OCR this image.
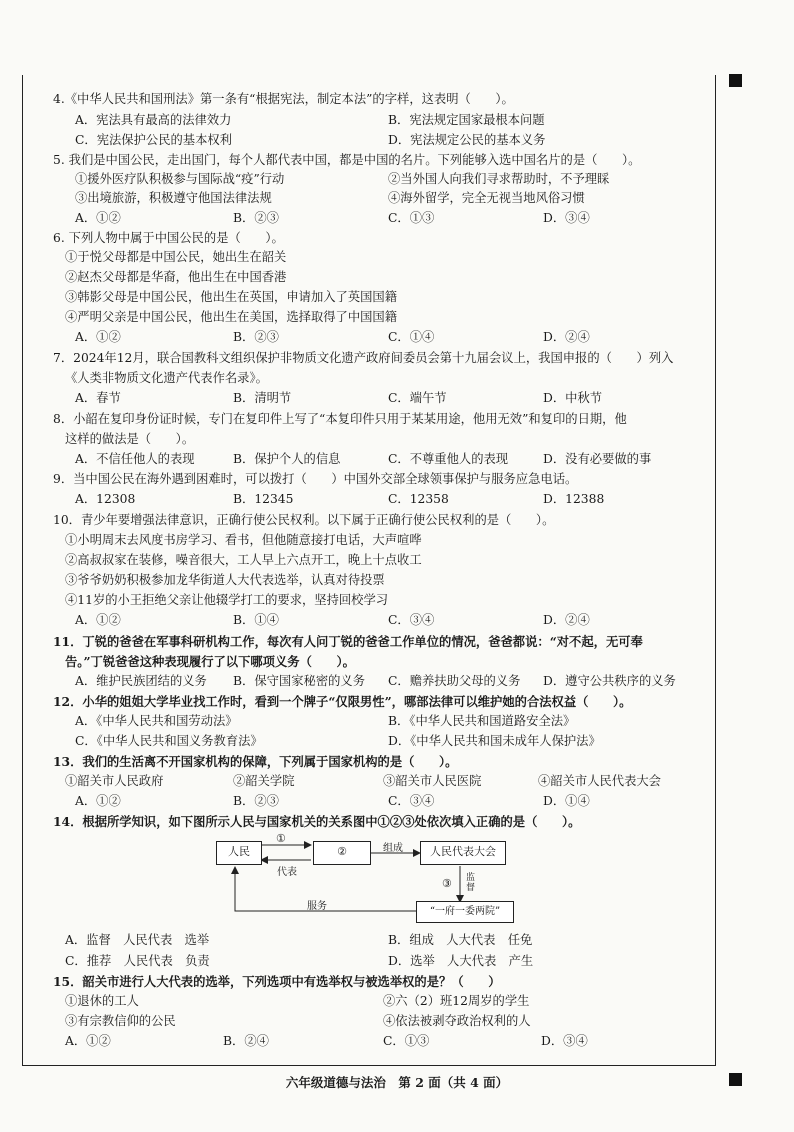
4.《中华人民共和国刑法》第一条有“根据宪法，制定本法”的字样，这表明（　　）。
A．宪法具有最高的法律效力	B．宪法规定国家最根本问题
C．宪法保护公民的基本权利	D．宪法规定公民的基本义务
5. 我们是中国公民，走出国门，每个人都代表中国，都是中国的名片。下列能够入选中国名片的是（　　）。
①援外医疗队积极参与国际战“疫”行动	②当外国人向我们寻求帮助时，不予理睬
③出境旅游，积极遵守他国法律法规	④海外留学，完全无视当地风俗习惯
A．①②	B．②③	C．①③	D．③④
6. 下列人物中属于中国公民的是（　　）。
①于悦父母都是中国公民，她出生在韶关
②赵杰父母都是华裔，他出生在中国香港
③韩影父母是中国公民，他出生在英国，申请加入了英国国籍
④严明父亲是中国公民，他出生在美国，选择取得了中国国籍
A．①②	B．②③	C．①④	D．②④
7．2024年12月，联合国教科文组织保护非物质文化遗产政府间委员会第十九届会议上，我国申报的（　　）列入
《人类非物质文化遗产代表作名录》。
A．春节	B．清明节	C．端午节	D．中秋节
8．小韶在复印身份证时候，专门在复印件上写了“本复印件只用于某某用途，他用无效”和复印的日期，他
这样的做法是（　　）。
A．不信任他人的表现	B．保护个人的信息	C．不尊重他人的表现	D．没有必要做的事
9．当中国公民在海外遇到困难时，可以拨打（　　）中国外交部全球领事保护与服务应急电话。
A．12308	B．12345	C．12358	D．12388
10．青少年要增强法律意识，正确行使公民权利。以下属于正确行使公民权利的是（　　）。
①小明周末去风度书房学习、看书，但他随意接打电话，大声喧哗
②高叔叔家在装修，噪音很大，工人早上六点开工，晚上十点收工
③爷爷奶奶积极参加龙华街道人大代表选举，认真对待投票
④11岁的小王拒绝父亲让他辍学打工的要求，坚持回校学习
A．①②	B．①④	C．③④	D．②④
11．丁锐的爸爸在军事科研机构工作，每次有人问丁锐的爸爸工作单位的情况，爸爸都说：“对不起，无可奉
告。”丁锐爸爸这种表现履行了以下哪项义务（　　）。
A．维护民族团结的义务 B．保守国家秘密的义务 C．赡养扶助父母的义务 D．遵守公共秩序的义务
12．小华的姐姐大学毕业找工作时，看到一个牌子“仅限男性”，哪部法律可以维护她的合法权益（　　）。
A．《中华人民共和国劳动法》	B．《中华人民共和国道路安全法》
C．《中华人民共和国义务教育法》	D．《中华人民共和国未成年人保护法》
13．我们的生活离不开国家机构的保障，下列属于国家机构的是（　　）。
①韶关市人民政府	②韶关学院	③韶关市人民医院	④韶关市人民代表大会
A．①②	B．②③	C．③④	D．①④
14．根据所学知识，如下图所示人民与国家机关的关系图中①②③处依次填入正确的是（　　）。
人民	②	人民代表大会
“一府一委两院”
①
代表
组成
③ 监督
服务
A．监督　人民代表　选举	B．组成　人大代表　任免
C．推荐　人民代表　负责	D．选举　人大代表　产生
15．韶关市进行人大代表的选举，下列选项中有选举权与被选举权的是？（　　）
①退休的工人	②六（2）班12周岁的学生
③有宗教信仰的公民	④依法被剥夺政治权利的人
A．①②	B．②④	C．①③	D．③④
六年级道德与法治　第 2 面（共 4 面）
